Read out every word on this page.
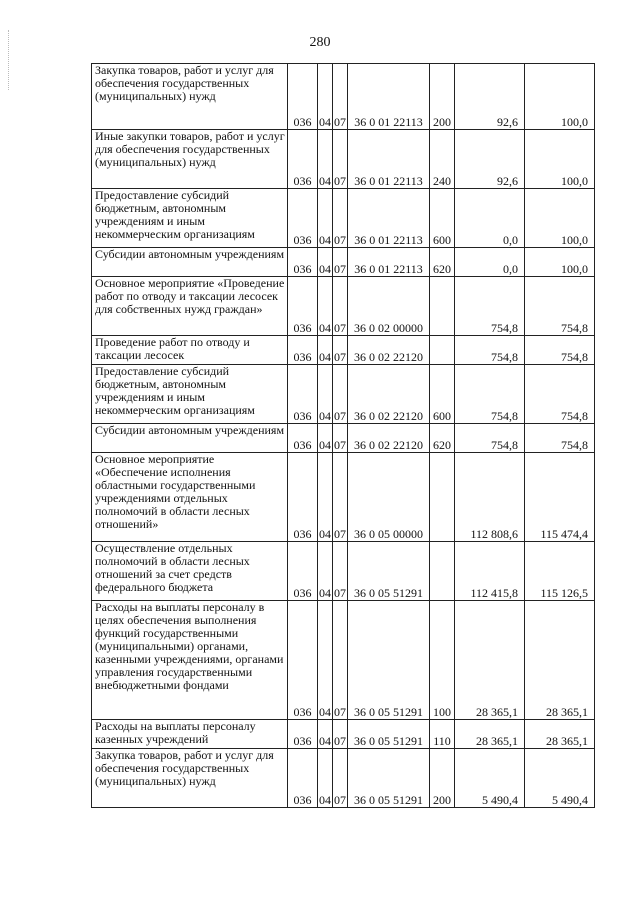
280
Закупка товаров, работ и услуг для обеспечения государственных (муниципальных) нужд	036	04	07	36 0 01 22113	200	92,6	100,0
Иные закупки товаров, работ и услуг для обеспечения государственных (муниципальных) нужд	036	04	07	36 0 01 22113	240	92,6	100,0
Предоставление субсидий бюджетным, автономным учреждениям и иным некоммерческим организациям	036	04	07	36 0 01 22113	600	0,0	100,0
Субсидии автономным учреждениям	036	04	07	36 0 01 22113	620	0,0	100,0
Основное мероприятие «Проведение работ по отводу и таксации лесосек для собственных нужд граждан»	036	04	07	36 0 02 00000		754,8	754,8
Проведение работ по отводу и таксации лесосек	036	04	07	36 0 02 22120		754,8	754,8
Предоставление субсидий бюджетным, автономным учреждениям и иным некоммерческим организациям	036	04	07	36 0 02 22120	600	754,8	754,8
Субсидии автономным учреждениям	036	04	07	36 0 02 22120	620	754,8	754,8
Основное мероприятие «Обеспечение исполнения областными государственными учреждениями отдельных полномочий в области лесных отношений»	036	04	07	36 0 05 00000		112 808,6	115 474,4
Осуществление отдельных полномочий в области лесных отношений за счет средств федерального бюджета	036	04	07	36 0 05 51291		112 415,8	115 126,5
Расходы на выплаты персоналу в целях обеспечения выполнения функций государственными (муниципальными) органами, казенными учреждениями, органами управления государственными внебюджетными фондами	036	04	07	36 0 05 51291	100	28 365,1	28 365,1
Расходы на выплаты персоналу казенных учреждений	036	04	07	36 0 05 51291	110	28 365,1	28 365,1
Закупка товаров, работ и услуг для обеспечения государственных (муниципальных) нужд	036	04	07	36 0 05 51291	200	5 490,4	5 490,4
